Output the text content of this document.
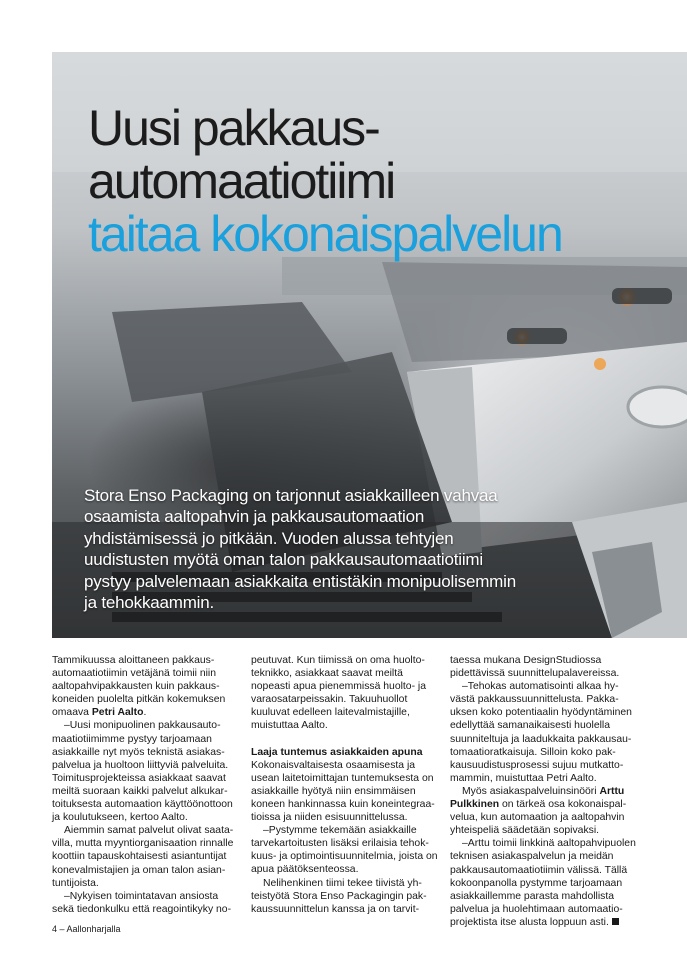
Uusi pakkaus-
automaatiotiimi
taitaa kokonaispalvelun

Stora Enso Packaging on tarjonnut asiakkailleen vahvaa osaamista aaltopahvin ja pakkausautomaation yhdistämisessä jo pitkään. Vuoden alussa tehtyjen uudistusten myötä oman talon pakkausautomaatiotiimi pystyy palvelemaan asiakkaita entistäkin monipuolisemmin ja tehokkaammin.

Tammikuussa aloittaneen pakkausautomaatiotiimin vetäjänä toimii niin aaltopahvipakkausten kuin pakkauskoneiden puolelta pitkän kokemuksen omaava Petri Aalto.

–Uusi monipuolinen pakkausautomaatiotiimimme pystyy tarjoamaan asiakkaille nyt myös teknistä asiakaspalvelua ja huoltoon liittyviä palveluita. Toimitusprojekteissa asiakkaat saavat meiltä suoraan kaikki palvelut alkukartoituksesta automaation käyttöönottoon ja koulutukseen, kertoo Aalto.

Aiemmin samat palvelut olivat saatavilla, mutta myyntiorganisaation rinnalle koottiin tapauskohtaisesti asiantuntijat konevalmistajien ja oman talon asiantuntijoista.

–Nykyisen toimintatavan ansiosta sekä tiedonkulku että reagointikyky no-

peutuvat. Kun tiimissä on oma huoltoteknikko, asiakkaat saavat meiltä nopeasti apua pienemmissä huolto- ja varaosatarpeissakin. Takuuhuollot kuuluvat edelleen laitevalmistajille, muistuttaa Aalto.

Laaja tuntemus asiakkaiden apuna

Kokonaisvaltaisesta osaamisesta ja usean laitetoimittajan tuntemuksesta on asiakkaille hyötyä niin ensimmäisen koneen hankinnassa kuin koneintegraatioissa ja niiden esisuunnittelussa.

–Pystymme tekemään asiakkaille tarvekartoitusten lisäksi erilaisia tehokkuus- ja optimointisuunnitelmia, joista on apua päätöksenteossa.

Nelihenkinen tiimi tekee tiivistä yhteistyötä Stora Enso Packagingin pakkaussuunnittelun kanssa ja on tarvit-

taessa mukana DesignStudiossa pidettävissä suunnittelupalavereissa.

–Tehokas automatisointi alkaa hyvästä pakkaussuunnittelusta. Pakkauksen koko potentiaalin hyödyntäminen edellyttää samanaikaisesti huolella suunniteltuja ja laadukkaita pakkausautomaatioratkaisuja. Silloin koko pakkausuudistusprosessi sujuu mutkattomammin, muistuttaa Petri Aalto.

Myös asiakaspalveluinsinööri Arttu Pulkkinen on tärkeä osa kokonaispalvelua, kun automaation ja aaltopahvin yhteispeliä säädetään sopivaksi.

–Arttu toimii linkkinä aaltopahvipuolen teknisen asiakaspalvelun ja meidän pakkausautomaatiotiimin välissä. Tällä kokoonpanolla pystymme tarjoamaan asiakkaillemme parasta mahdollista palvelua ja huolehtimaan automaatioprojektista itse alusta loppuun asti.

4 – Aallonharjalla
